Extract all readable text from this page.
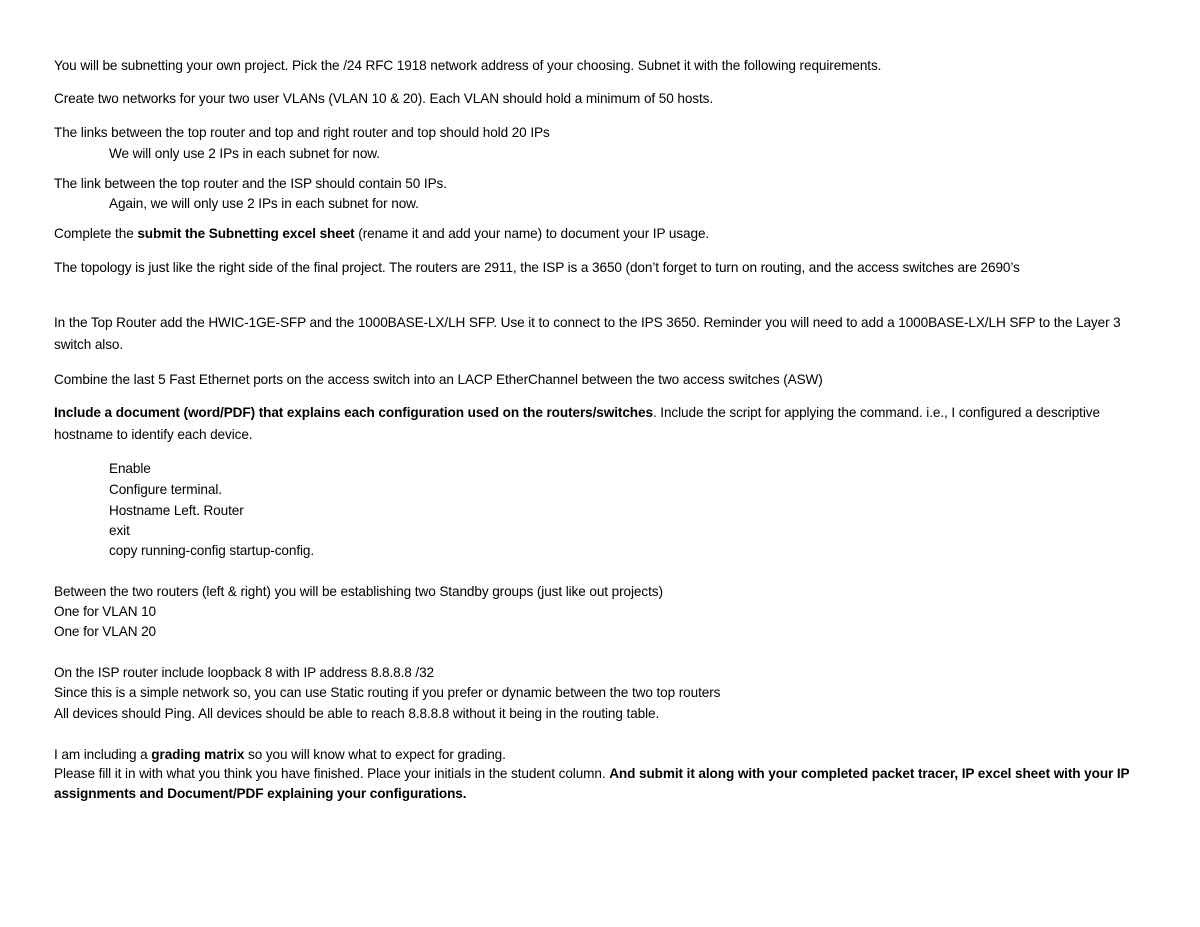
You will be subnetting your own project. Pick the /24 RFC 1918 network address of your choosing. Subnet it with the following requirements.
Create two networks for your two user VLANs (VLAN 10 & 20). Each VLAN should hold a minimum of 50 hosts.
The links between the top router and top and right router and top should hold 20 IPs
We will only use 2 IPs in each subnet for now.
The link between the top router and the ISP should contain 50 IPs.
Again, we will only use 2 IPs in each subnet for now.
Complete the submit the Subnetting excel sheet (rename it and add your name) to document your IP usage.
The topology is just like the right side of the final project. The routers are 2911, the ISP is a 3650 (don’t forget to turn on routing, and the access switches are 2690’s
In the Top Router add the HWIC-1GE-SFP and the 1000BASE-LX/LH SFP. Use it to connect to the IPS 3650. Reminder you will need to add a 1000BASE-LX/LH SFP to the Layer 3 switch also.
Combine the last 5 Fast Ethernet ports on the access switch into an LACP EtherChannel between the two access switches (ASW)
Include a document (word/PDF) that explains each configuration used on the routers/switches. Include the script for applying the command. i.e., I configured a descriptive hostname to identify each device.
Enable
Configure terminal.
Hostname Left. Router
exit
copy running-config startup-config.
Between the two routers (left & right) you will be establishing two Standby groups (just like out projects)
One for VLAN 10
One for VLAN 20
On the ISP router include loopback 8 with IP address 8.8.8.8 /32
Since this is a simple network so, you can use Static routing if you prefer or dynamic between the two top routers
All devices should Ping. All devices should be able to reach 8.8.8.8 without it being in the routing table.
I am including a grading matrix so you will know what to expect for grading.
Please fill it in with what you think you have finished. Place your initials in the student column. And submit it along with your completed packet tracer, IP excel sheet with your IP assignments and Document/PDF explaining your configurations.
